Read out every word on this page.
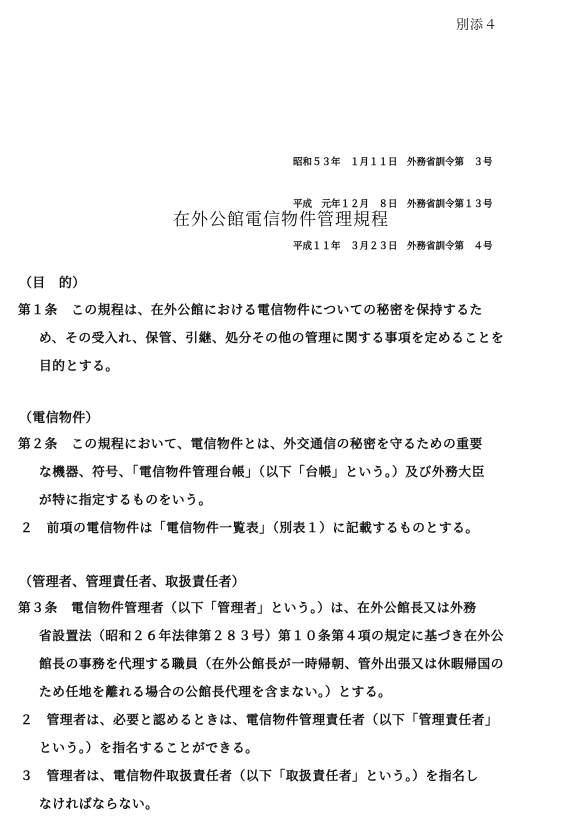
別添４

昭和５３年　１月１１日　外務省訓令第　３号

平成　元年１２月　８日　外務省訓令第１３号

平成１１年　３月２３日　外務省訓令第　４号

在外公館電信物件管理規程
（目　的）
第１条　この規程は、在外公館における電信物件についての秘密を保持するた
め、その受入れ、保管、引継、処分その他の管理に関する事項を定めることを
目的とする。
（電信物件）
第２条　この規程において、電信物件とは、外交通信の秘密を守るための重要
な機器、符号、「電信物件管理台帳」（以下「台帳」という。）及び外務大臣
が特に指定するものをいう。
２　前項の電信物件は「電信物件一覧表」（別表１）に記載するものとする。
（管理者、管理責任者、取扱責任者）
第３条　電信物件管理者（以下「管理者」という。）は、在外公館長又は外務
省設置法（昭和２６年法律第２８３号）第１０条第４項の規定に基づき在外公
館長の事務を代理する職員（在外公館長が一時帰朝、管外出張又は休暇帰国の
ため任地を離れる場合の公館長代理を含まない。）とする。
２　管理者は、必要と認めるときは、電信物件管理責任者（以下「管理責任者」
という。）を指名することができる。
３　管理者は、電信物件取扱責任者（以下「取扱責任者」という。）を指名し
なければならない。
